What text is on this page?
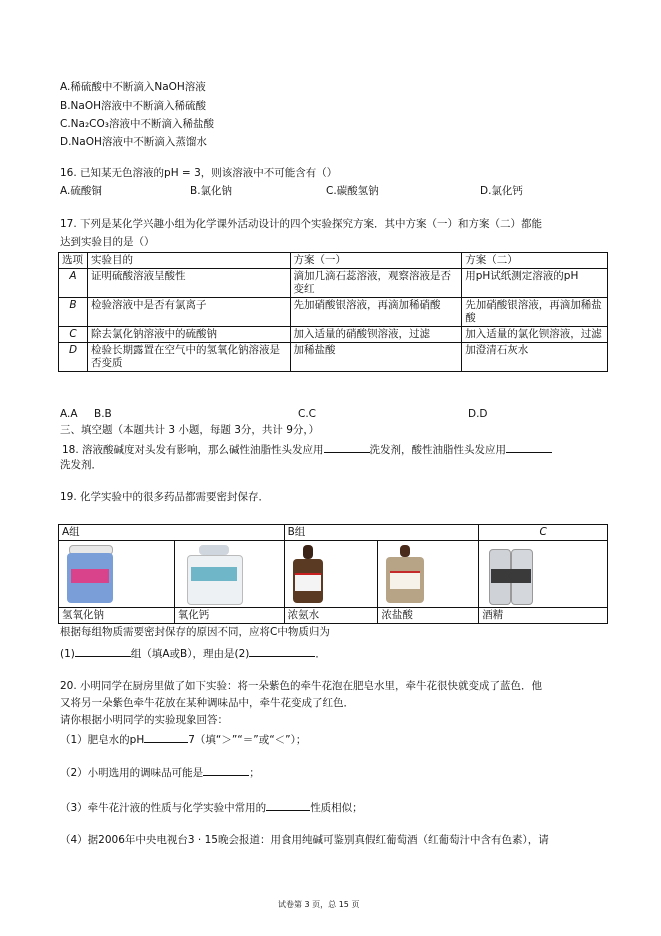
A.稀硫酸中不断滴入NaOH溶液
B.NaOH溶液中不断滴入稀硫酸
C.Na₂CO₃溶液中不断滴入稀盐酸
D.NaOH溶液中不断滴入蒸馏水
16. 已知某无色溶液的pH = 3，则该溶液中不可能含有（）
A.硫酸铜	B.氯化钠	C.碳酸氢钠	D.氯化钙
17. 下列是某化学兴趣小组为化学课外活动设计的四个实验探究方案．其中方案（一）和方案（二）都能
达到实验目的是（）
选项	实验目的	方案（一）	方案（二）
A	证明硫酸溶液呈酸性	滴加几滴石蕊溶液，观察溶液是否变红	用pH试纸测定溶液的pH
B	检验溶液中是否有氯离子	先加硝酸银溶液，再滴加稀硝酸	先加硝酸银溶液，再滴加稀盐酸
C	除去氯化钠溶液中的硫酸钠	加入适量的硝酸钡溶液，过滤	加入适量的氯化钡溶液，过滤
D	检验长期露置在空气中的氢氧化钠溶液是否变质	加稀盐酸	加澄清石灰水
A.A B.B	C.C	D.D
三、填空题（本题共计 3 小题，每题 3分，共计 9分，）
18. 溶液酸碱度对头发有影响，那么碱性油脂性头发应用	洗发剂，酸性油脂性头发应用
洗发剂．
19. 化学实验中的很多药品都需要密封保存．
A组		B组		C

氢氧化钠	氧化钙	浓氨水	浓盐酸	酒精
根据每组物质需要密封保存的原因不同，应将C中物质归为
(1)	组（填A或B），理由是(2)	．
20. 小明同学在厨房里做了如下实验：将一朵紫色的牵牛花泡在肥皂水里，牵牛花很快就变成了蓝色．他
又将另一朵紫色牵牛花放在某种调味品中，牵牛花变成了红色．
请你根据小明同学的实验现象回答：
（1）肥皂水的pH	7（填“＞”“＝”或“＜”）；
（2）小明选用的调味品可能是	；
（3）牵牛花汁液的性质与化学实验中常用的	性质相似；
（4）据2006年中央电视台3 · 15晚会报道：用食用纯碱可鉴别真假红葡萄酒（红葡萄汁中含有色素），请
试卷第 3 页，总 15 页
